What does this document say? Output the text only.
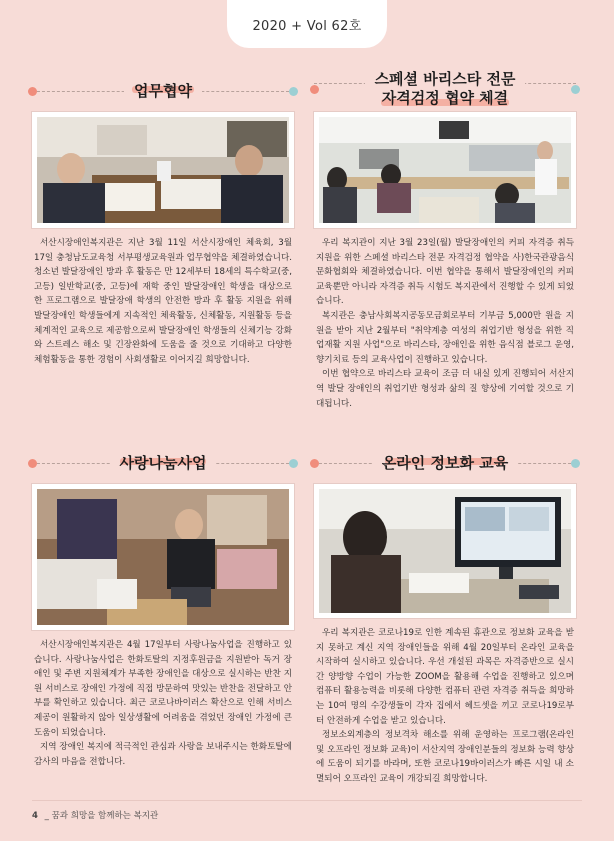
2020 + Vol 62호
업무협약

서산시장애인복지관은 지난 3월 11일 서산시장애인 체육회, 3월 17일 충청남도교육청 서부평생교육원과 업무협약을 체결하였습니다. 청소년 발달장애인 방과 후 활동은 만 12세부터 18세의 특수학교(중, 고등) 일반학교(중, 고등)에 재학 중인 발달장애인 학생을 대상으로 한 프로그램으로 발달장애 학생의 안전한 방과 후 활동 지원을 위해 발달장애인 학생들에게 지속적인 체육활동, 신체활동, 지원활동 등을 체계적인 교육으로 제공함으로써 발달장애인 학생들의 신체기능 강화와 스트레스 해소 및 긴장완화에 도움을 줄 것으로 기대하고 다양한 체험활동을 통한 경험이 사회생활로 이어지길 희망합니다.

스페셜 바리스타 전문
자격검정 협약 체결

우리 복지관이 지난 3월 23일(월) 발달장애인의 커피 자격증 취득지원을 위한 스페셜 바리스타 전문 자격검정 협약을 사)한국관광음식문화협회와 체결하였습니다. 이번 협약을 통해서 발달장애인의 커피교육뿐만 아니라 자격증 취득 시험도 복지관에서 진행할 수 있게 되었습니다.

복지관은 충남사회복지공동모금회로부터 기부금 5,000만 원을 지원을 받아 지난 2월부터 "취약계층 여성의 취업기반 형성을 위한 직업재활 지원 사업"으로 바리스타, 장애인을 위한 음식점 블로그 운영, 향기치료 등의 교육사업이 진행하고 있습니다.

이번 협약으로 바리스타 교육이 조금 더 내실 있게 진행되어 서산지역 발달 장애인의 취업기반 형성과 삶의 질 향상에 기여할 것으로 기대됩니다.

사랑나눔사업

서산시장애인복지관은 4월 17일부터 사랑나눔사업을 진행하고 있습니다. 사랑나눔사업은 한화토탈의 지정후원금을 지원받아 독거 장애인 및 주변 지원체계가 부족한 장애인을 대상으로 실시하는 반찬 지원 서비스로 장애인 가정에 직접 방문하여 맛있는 반찬을 전달하고 안부를 확인하고 있습니다. 최근 코로나바이러스 확산으로 인해 서비스 제공이 원활하지 않아 일상생활에 어려움을 겪었던 장애인 가정에 큰 도움이 되었습니다.

지역 장애인 복지에 적극적인 관심과 사랑을 보내주시는 한화토탈에 감사의 마음을 전합니다.

온라인 정보화 교육

우리 복지관은 코로나19로 인한 계속된 휴관으로 정보화 교육을 받지 못하고 계신 지역 장애인들을 위해 4월 20일부터 온라인 교육을 시작하여 실시하고 있습니다. 우선 개설된 과목은 자격증반으로 실시간 양방향 수업이 가능한 ZOOM을 활용해 수업을 진행하고 있으며 컴퓨터 활용능력을 비롯해 다양한 컴퓨터 관련 자격증 취득을 희망하는 10여 명의 수강생들이 각자 집에서 헤드셋을 끼고 코로나19로부터 안전하게 수업을 받고 있습니다.

정보소외계층의 정보격차 해소를 위해 운영하는 프로그램(온라인 및 오프라인 정보화 교육)이 서산지역 장애인분들의 정보화 능력 향상에 도움이 되기를 바라며, 또한 코로나19바이러스가 빠른 시일 내 소멸되어 오프라인 교육이 개강되길 희망합니다.

4 _ 꿈과 희망을 함께하는 복지관
